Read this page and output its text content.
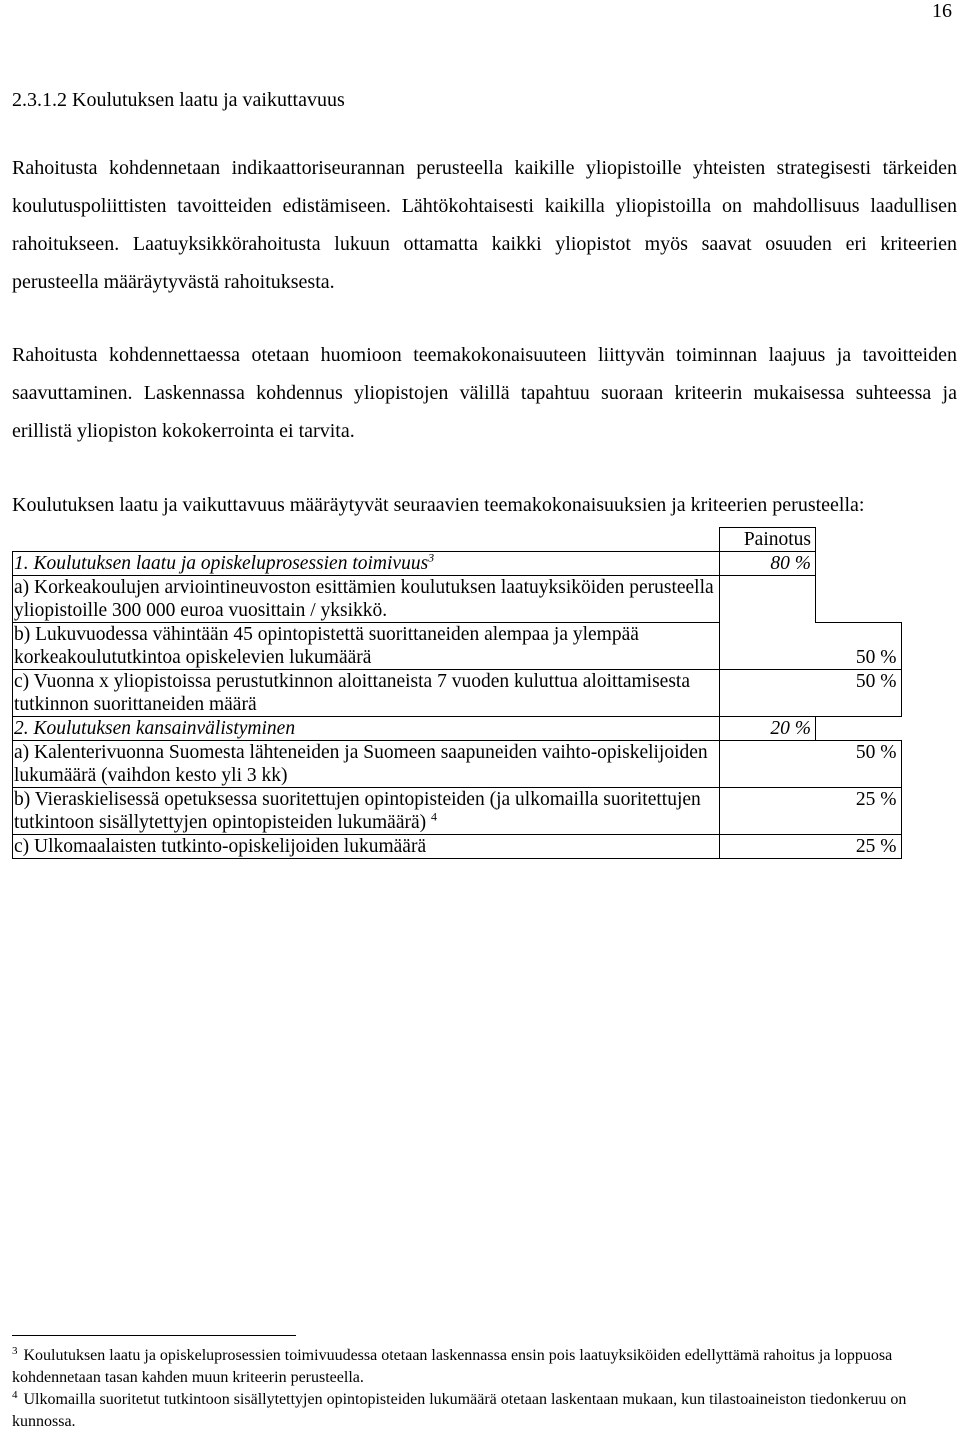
16
2.3.1.2 Koulutuksen laatu ja vaikuttavuus

Rahoitusta kohdennetaan indikaattoriseurannan perusteella kaikille yliopistoille yhteisten strategisesti tärkeiden koulutuspoliittisten tavoitteiden edistämiseen. Lähtökohtaisesti kaikilla yliopistoilla on mahdollisuus laadullisen rahoitukseen. Laatuyksikkörahoitusta lukuun ottamatta kaikki yliopistot myös saavat osuuden eri kriteerien perusteella määräytyvästä rahoituksesta.

Rahoitusta kohdennettaessa otetaan huomioon teemakokonaisuuteen liittyvän toiminnan laajuus ja tavoitteiden saavuttaminen. Laskennassa kohdennus yliopistojen välillä tapahtuu suoraan kriteerin mukaisessa suhteessa ja erillistä yliopiston kokokerrointa ei tarvita.

Koulutuksen laatu ja vaikuttavuus määräytyvät seuraavien teemakokonaisuuksien ja kriteerien perusteella:

	Painotus	
1. Koulutuksen laatu ja opiskeluprosessien toimivuus$^3$	80 %	
a) Korkeakoulujen arviointineuvoston esittämien koulutuksen laatuyksiköiden perusteella yliopistoille 300 000 euroa vuosittain / yksikkö.		
b) Lukuvuodessa vähintään 45 opintopistettä suorittaneiden alempaa ja ylempää korkeakoulututkintoa opiskelevien lukumäärä		50 %
c) Vuonna x yliopistoissa perustutkinnon aloittaneista 7 vuoden kuluttua aloittamisesta tutkinnon suorittaneiden määrä		50 %
2. Koulutuksen kansainvälistyminen	20 %	
a) Kalenterivuonna Suomesta lähteneiden ja Suomeen saapuneiden vaihto-opiskelijoiden lukumäärä (vaihdon kesto yli 3 kk)		50 %
b) Vieraskielisessä opetuksessa suoritettujen opintopisteiden (ja ulkomailla suoritettujen tutkintoon sisällytettyjen opintopisteiden lukumäärä) $^4$		25 %
c) Ulkomaalaisten tutkinto-opiskelijoiden lukumäärä		25 %

$^3$ Koulutuksen laatu ja opiskeluprosessien toimivuudessa otetaan laskennassa ensin pois laatuyksiköiden edellyttämä rahoitus ja loppuosa kohdennetaan tasan kahden muun kriteerin perusteella.

$^4$ Ulkomailla suoritetut tutkintoon sisällytettyjen opintopisteiden lukumäärä otetaan laskentaan mukaan, kun tilastoaineiston tiedonkeruu on kunnossa.
